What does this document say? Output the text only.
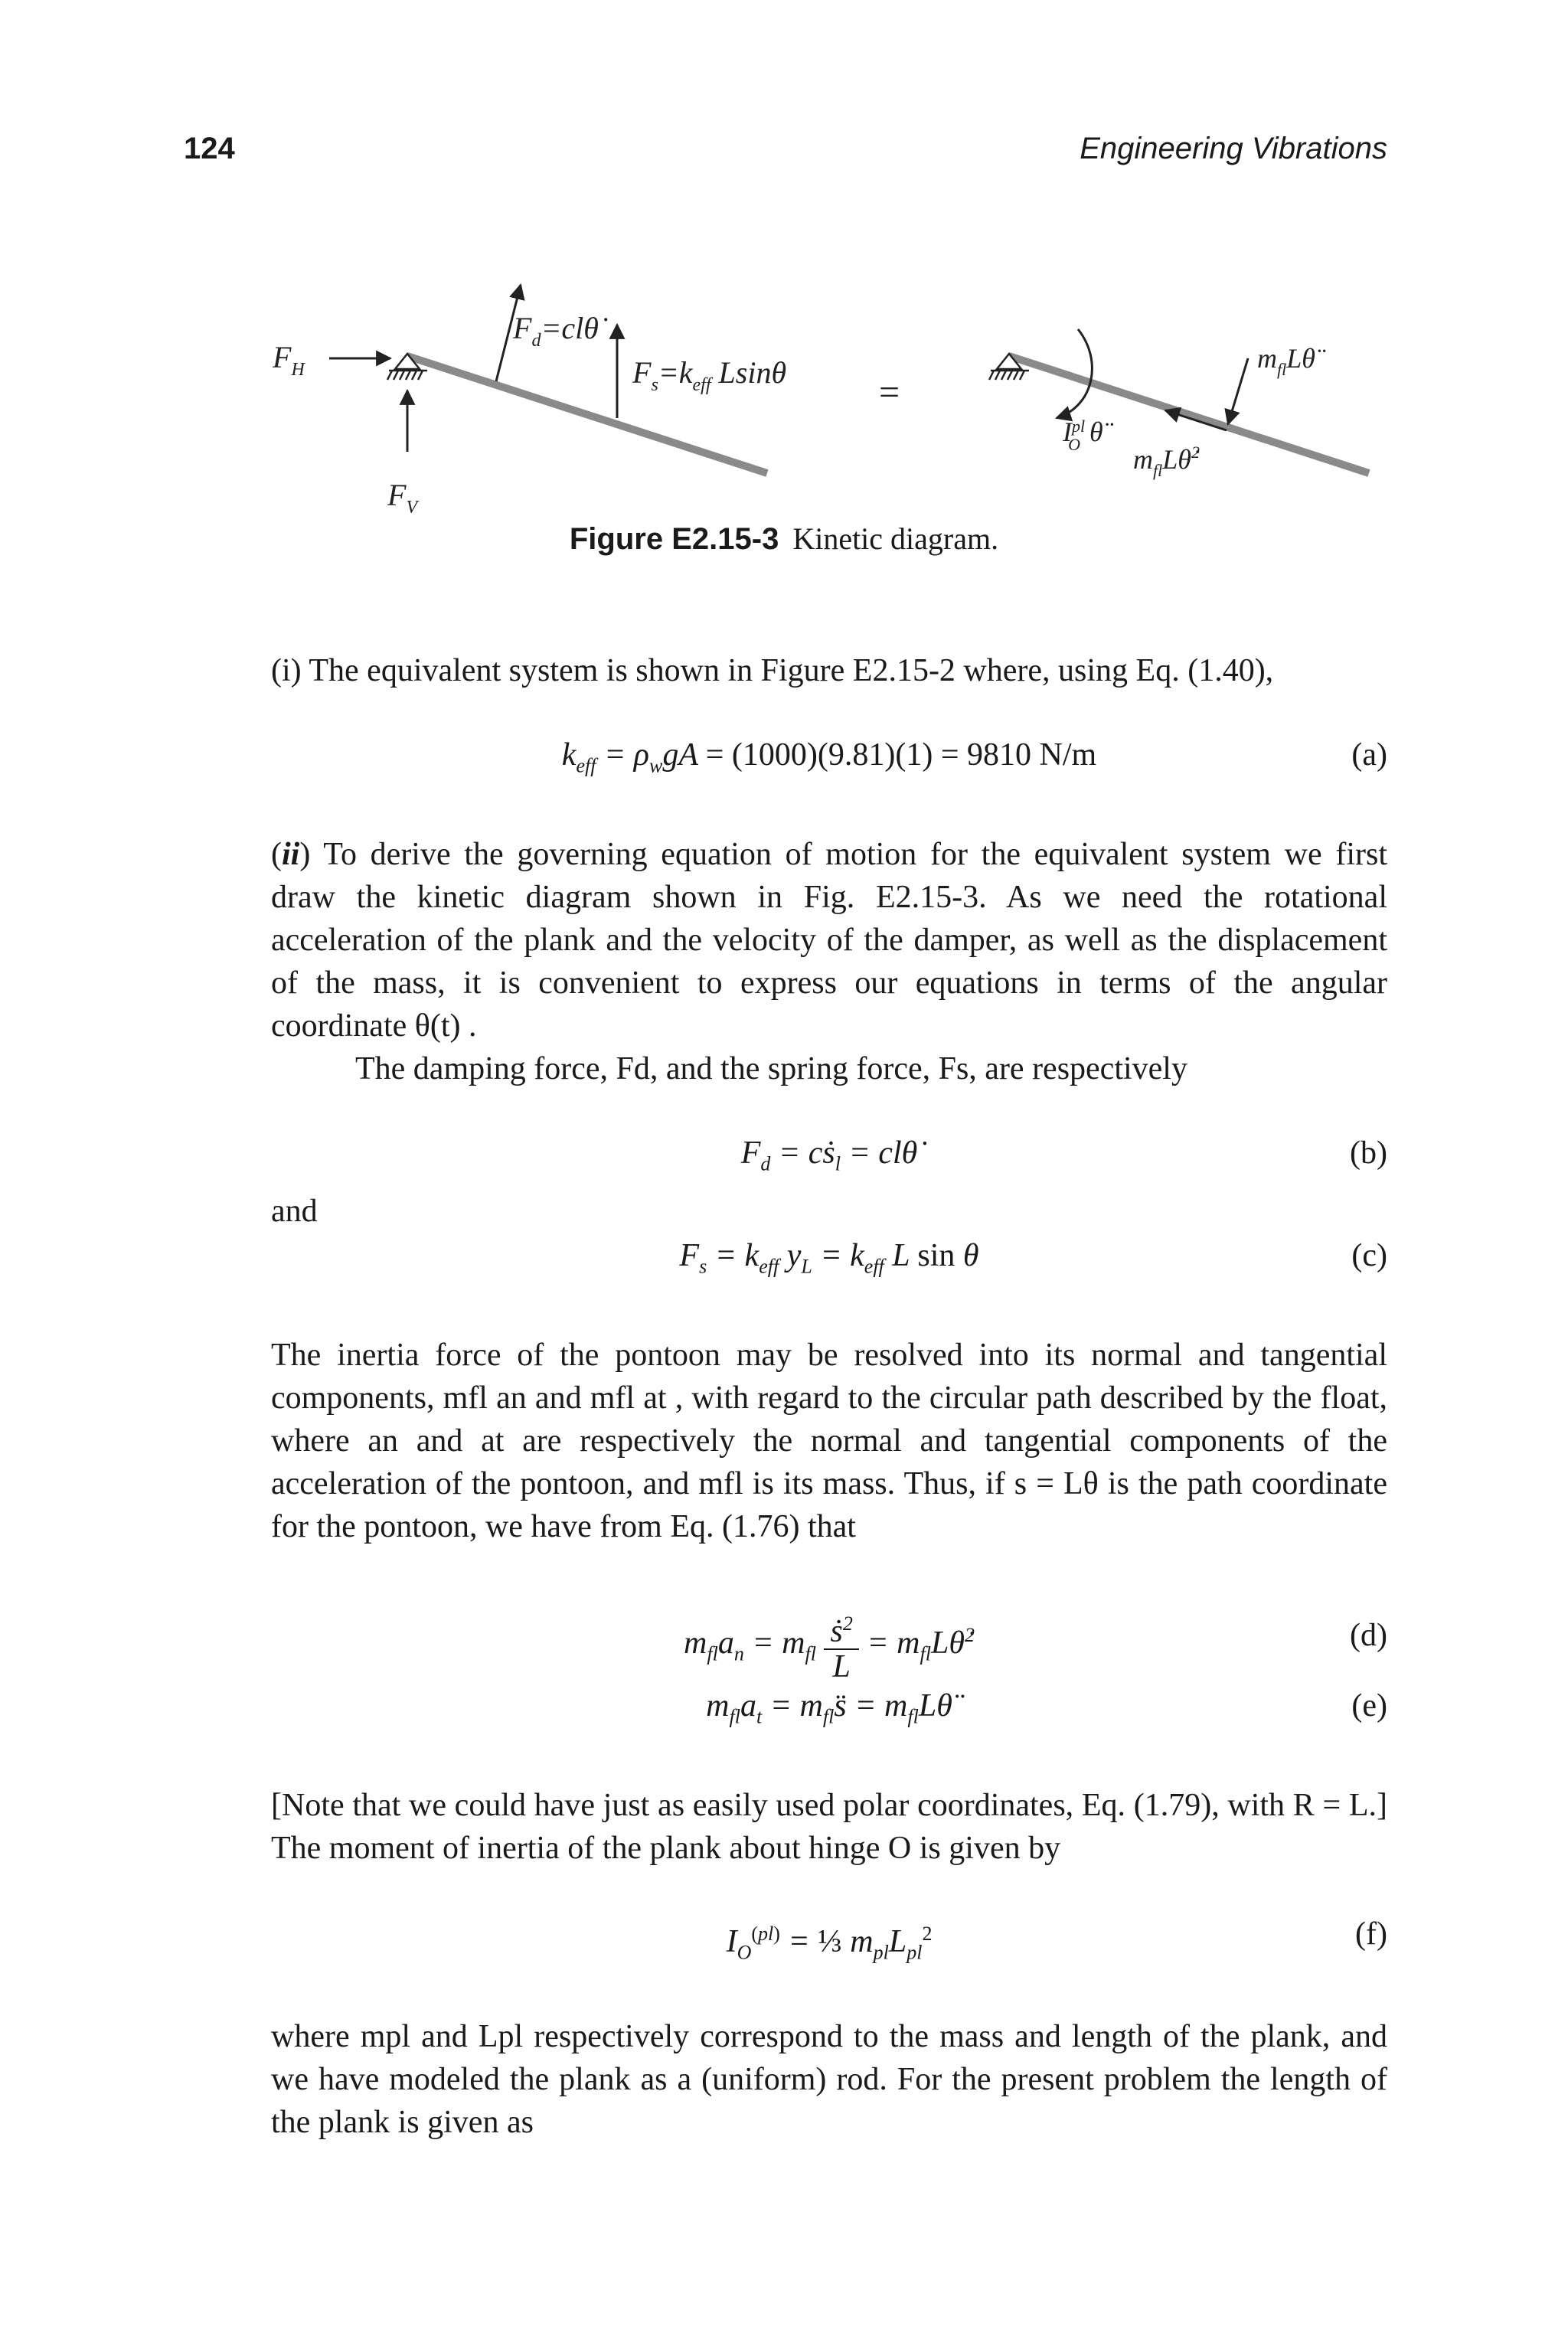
124	Engineering Vibrations
$F_H$
$F_V$
$F_d=cl\thetȧ$
$F_s=k_{eff}$ Lsinθ	=
$I^{pl}$ O θ̈
$m_{fl}L\thetȧ^2$
$m_{fl}L\thetä$
Figure E2.15-3 Kinetic diagram.

(i) The equivalent system is shown in Figure E2.15-2 where, using Eq. (1.40),

$k_{eff} = \rho_wgA = (1000)(9.81)(1) = 9810$ N/m	(a)

(ii) To derive the governing equation of motion for the equivalent system we first draw the kinetic diagram shown in Fig. E2.15-3. As we need the rotational acceleration of the plank and the velocity of the damper, as well as the displacement of the mass, it is convenient to express our equations in terms of the angular coordinate θ(t) .

The damping force, Fd, and the spring force, Fs, are respectively

$F_d$ = cṡ$_l$ = clθ̇	(b)
and
$F_s = k_{eff}$ $y_L = k_{eff}$ L sin θ	(c)

The inertia force of the pontoon may be resolved into its normal and tangential components, mfl an and mfl at , with regard to the circular path described by the float, where an and at are respectively the normal and tangential components of the acceleration of the pontoon, and mfl is its mass. Thus, if s = Lθ is the path coordinate for the pontoon, we have from Eq. (1.76) that

$m_{fl}a_n = m_{fl} \frac{ṡ^2}{L}$ = $m_{fl}L\thetȧ^2$	(d)
$m_{fl}a_t$ = $m_{fl}s̈$ = $m_{fl}L\thetä$	(e)

[Note that we could have just as easily used polar coordinates, Eq. (1.79), with R = L.] The moment of inertia of the plank about hinge O is given by

$I_O^{(pl)}$ = ⅓ $m_{pl}L_{pl}^2$	(f)

where mpl and Lpl respectively correspond to the mass and length of the plank, and we have modeled the plank as a (uniform) rod. For the present problem the length of the plank is given as
